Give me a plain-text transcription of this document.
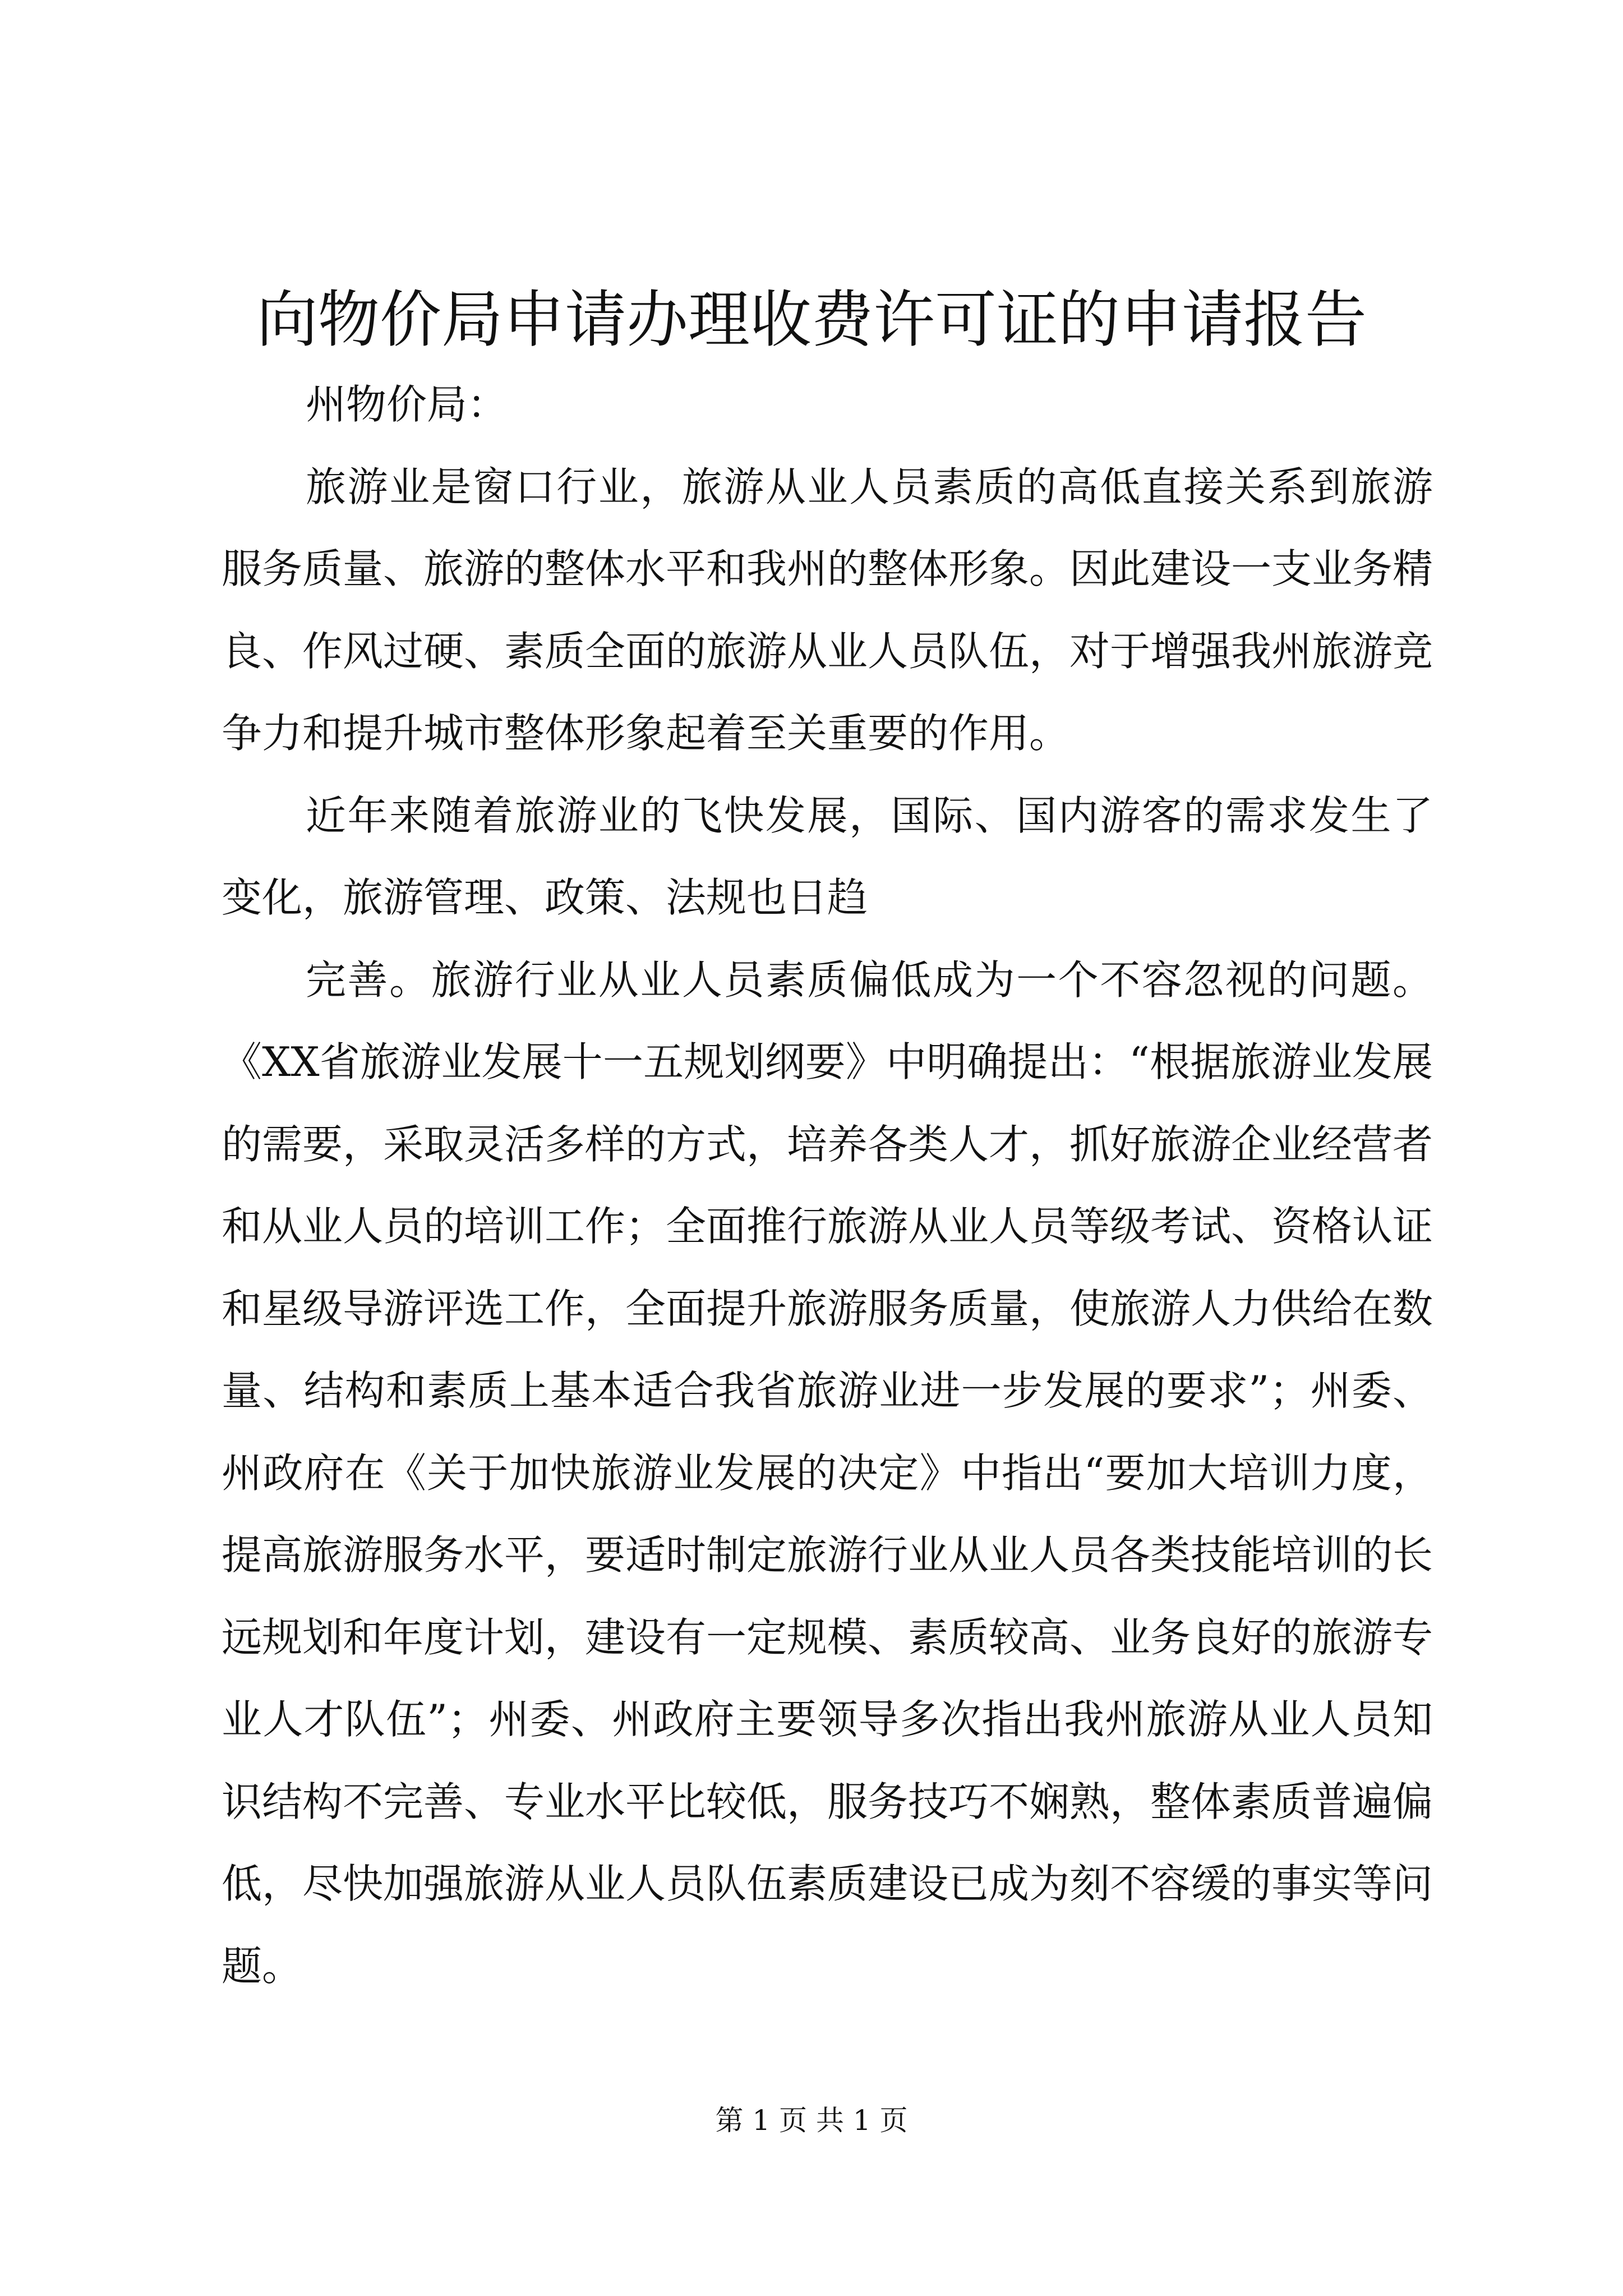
向物价局申请办理收费许可证的申请报告

州物价局：

旅游业是窗口行业，旅游从业人员素质的高低直接关系到旅游服务质量、旅游的整体水平和我州的整体形象。因此建设一支业务精良、作风过硬、素质全面的旅游从业人员队伍，对于增强我州旅游竞争力和提升城市整体形象起着至关重要的作用。

近年来随着旅游业的飞快发展，国际、国内游客的需求发生了变化，旅游管理、政策、法规也日趋

完善。旅游行业从业人员素质偏低成为一个不容忽视的问题。《XX省旅游业发展十一五规划纲要》中明确提出：“根据旅游业发展的需要，采取灵活多样的方式，培养各类人才，抓好旅游企业经营者和从业人员的培训工作；全面推行旅游从业人员等级考试、资格认证和星级导游评选工作，全面提升旅游服务质量，使旅游人力供给在数量、结构和素质上基本适合我省旅游业进一步发展的要求”；州委、州政府在《关于加快旅游业发展的决定》中指出“要加大培训力度，提高旅游服务水平，要适时制定旅游行业从业人员各类技能培训的长远规划和年度计划，建设有一定规模、素质较高、业务良好的旅游专业人才队伍”；州委、州政府主要领导多次指出我州旅游从业人员知识结构不完善、专业水平比较低，服务技巧不娴熟，整体素质普遍偏低，尽快加强旅游从业人员队伍素质建设已成为刻不容缓的事实等问题。

第 1 页 共 1 页
